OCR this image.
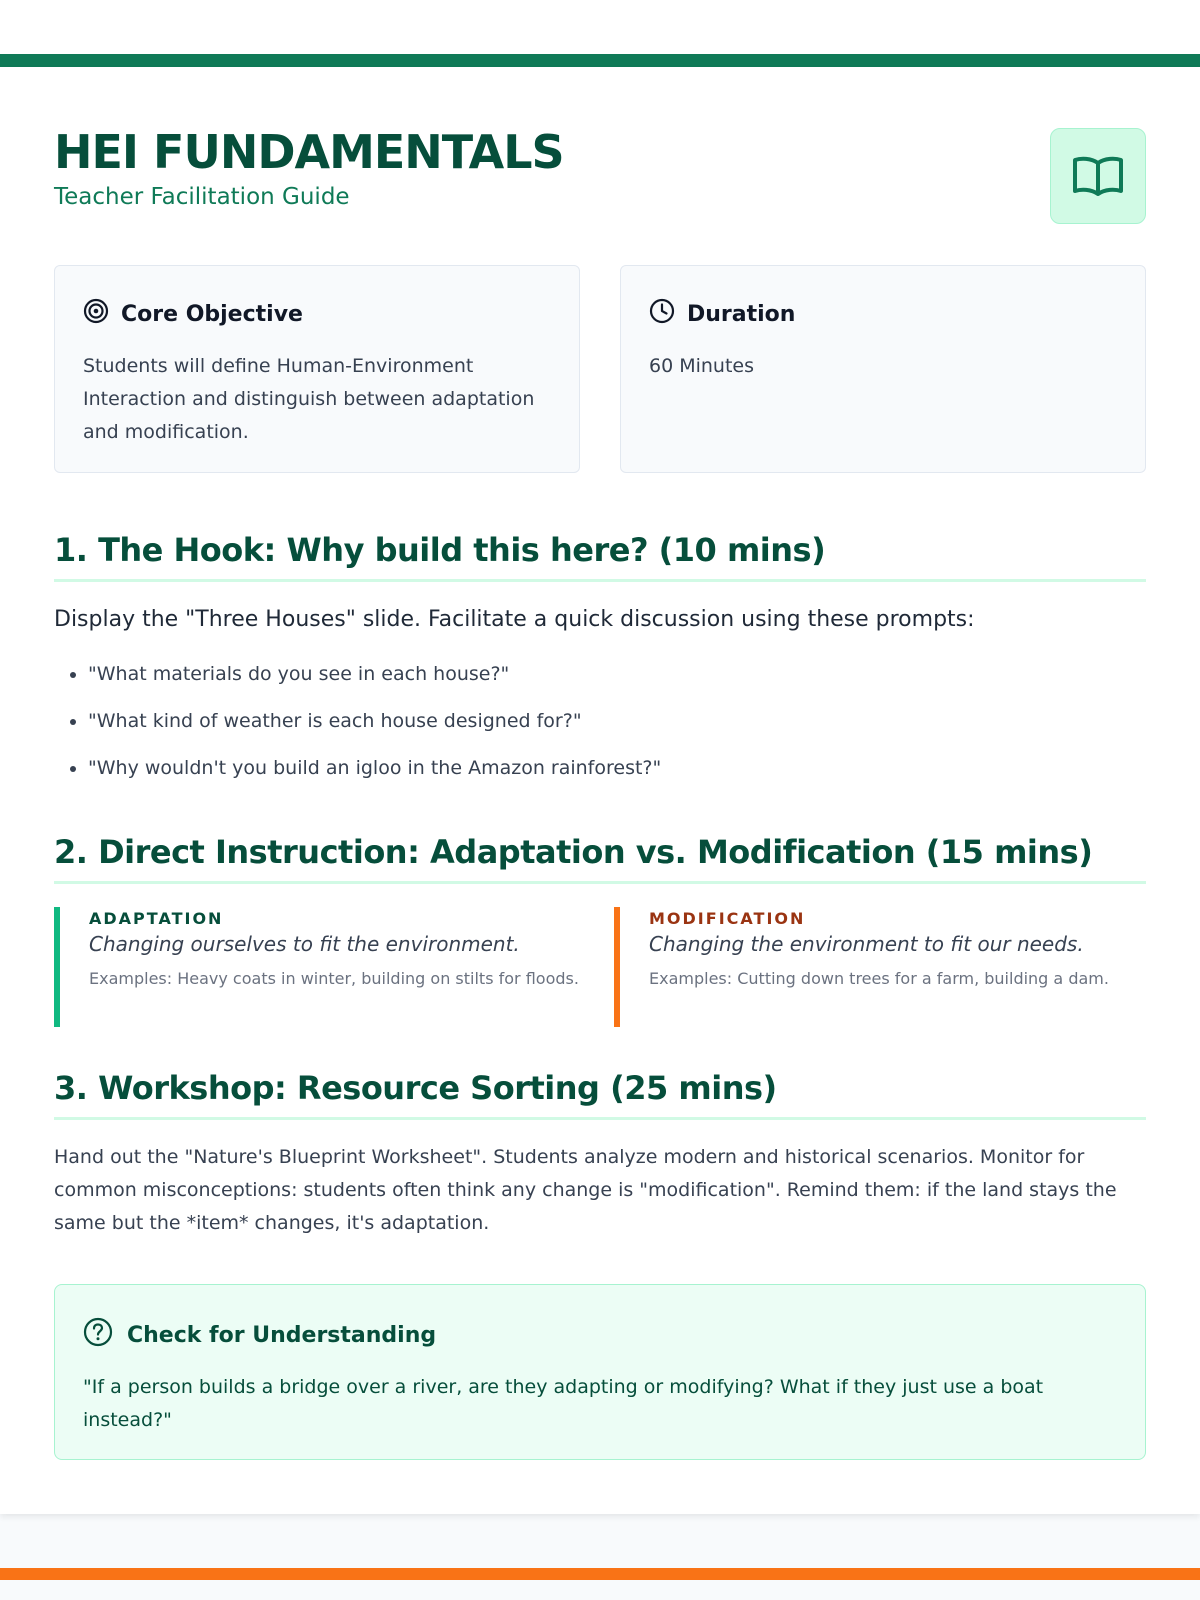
HEI FUNDAMENTALS
Teacher Facilitation Guide
Core Objective
Students will define Human-Environment Interaction and distinguish between adaptation and modification.
Duration
60 Minutes
1. The Hook: Why build this here? (10 mins)
Display the "Three Houses" slide. Facilitate a quick discussion using these prompts:
• "What materials do you see in each house?"
• "What kind of weather is each house designed for?"
• "Why wouldn't you build an igloo in the Amazon rainforest?"
2. Direct Instruction: Adaptation vs. Modification (15 mins)
ADAPTATION
Changing ourselves to fit the environment.
Examples: Heavy coats in winter, building on stilts for floods.
MODIFICATION
Changing the environment to fit our needs.
Examples: Cutting down trees for a farm, building a dam.
3. Workshop: Resource Sorting (25 mins)

Hand out the "Nature's Blueprint Worksheet". Students analyze modern and historical scenarios. Monitor for common misconceptions: students often think any change is "modification". Remind them: if the land stays the same but the *item* changes, it's adaptation.

Check for Understanding
"If a person builds a bridge over a river, are they adapting or modifying? What if they just use a boat instead?"
